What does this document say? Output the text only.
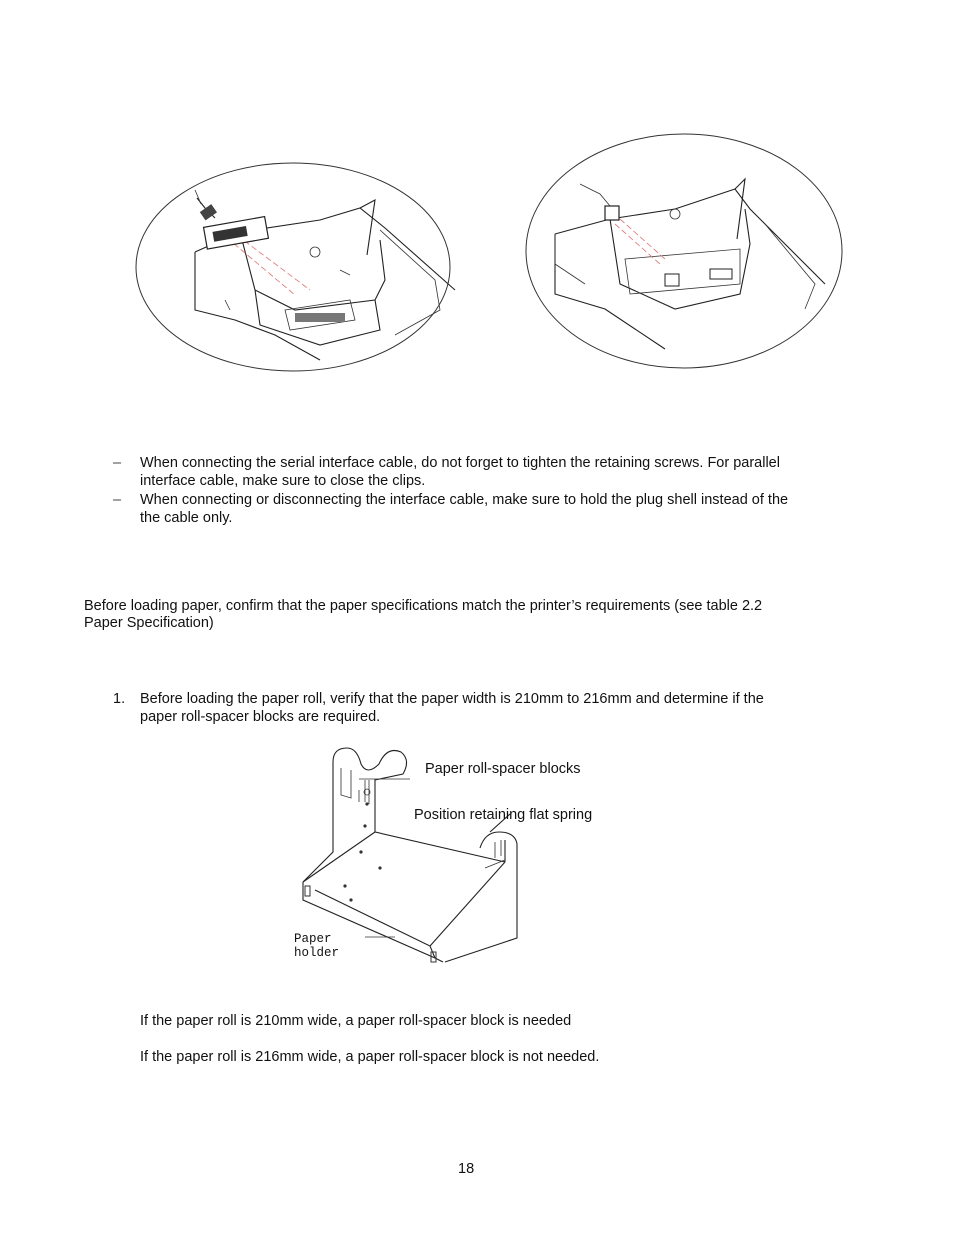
– When connecting the serial interface cable, do not forget to tighten the retaining screws. For parallel
interface cable, make sure to close the clips.
– When connecting or disconnecting the interface cable, make sure to hold the plug shell instead of the
the cable only.
Before loading paper, confirm that the paper specifications match the printer’s requirements (see table 2.2
Paper Specification)
1. Before loading the paper roll, verify that the paper width is 210mm to 216mm and determine if the
paper roll-spacer blocks are required.
Paper roll-spacer blocks
Position retaining flat spring
Paper
holder
If the paper roll is 210mm wide, a paper roll-spacer block is needed
If the paper roll is 216mm wide, a paper roll-spacer block is not needed.
18
